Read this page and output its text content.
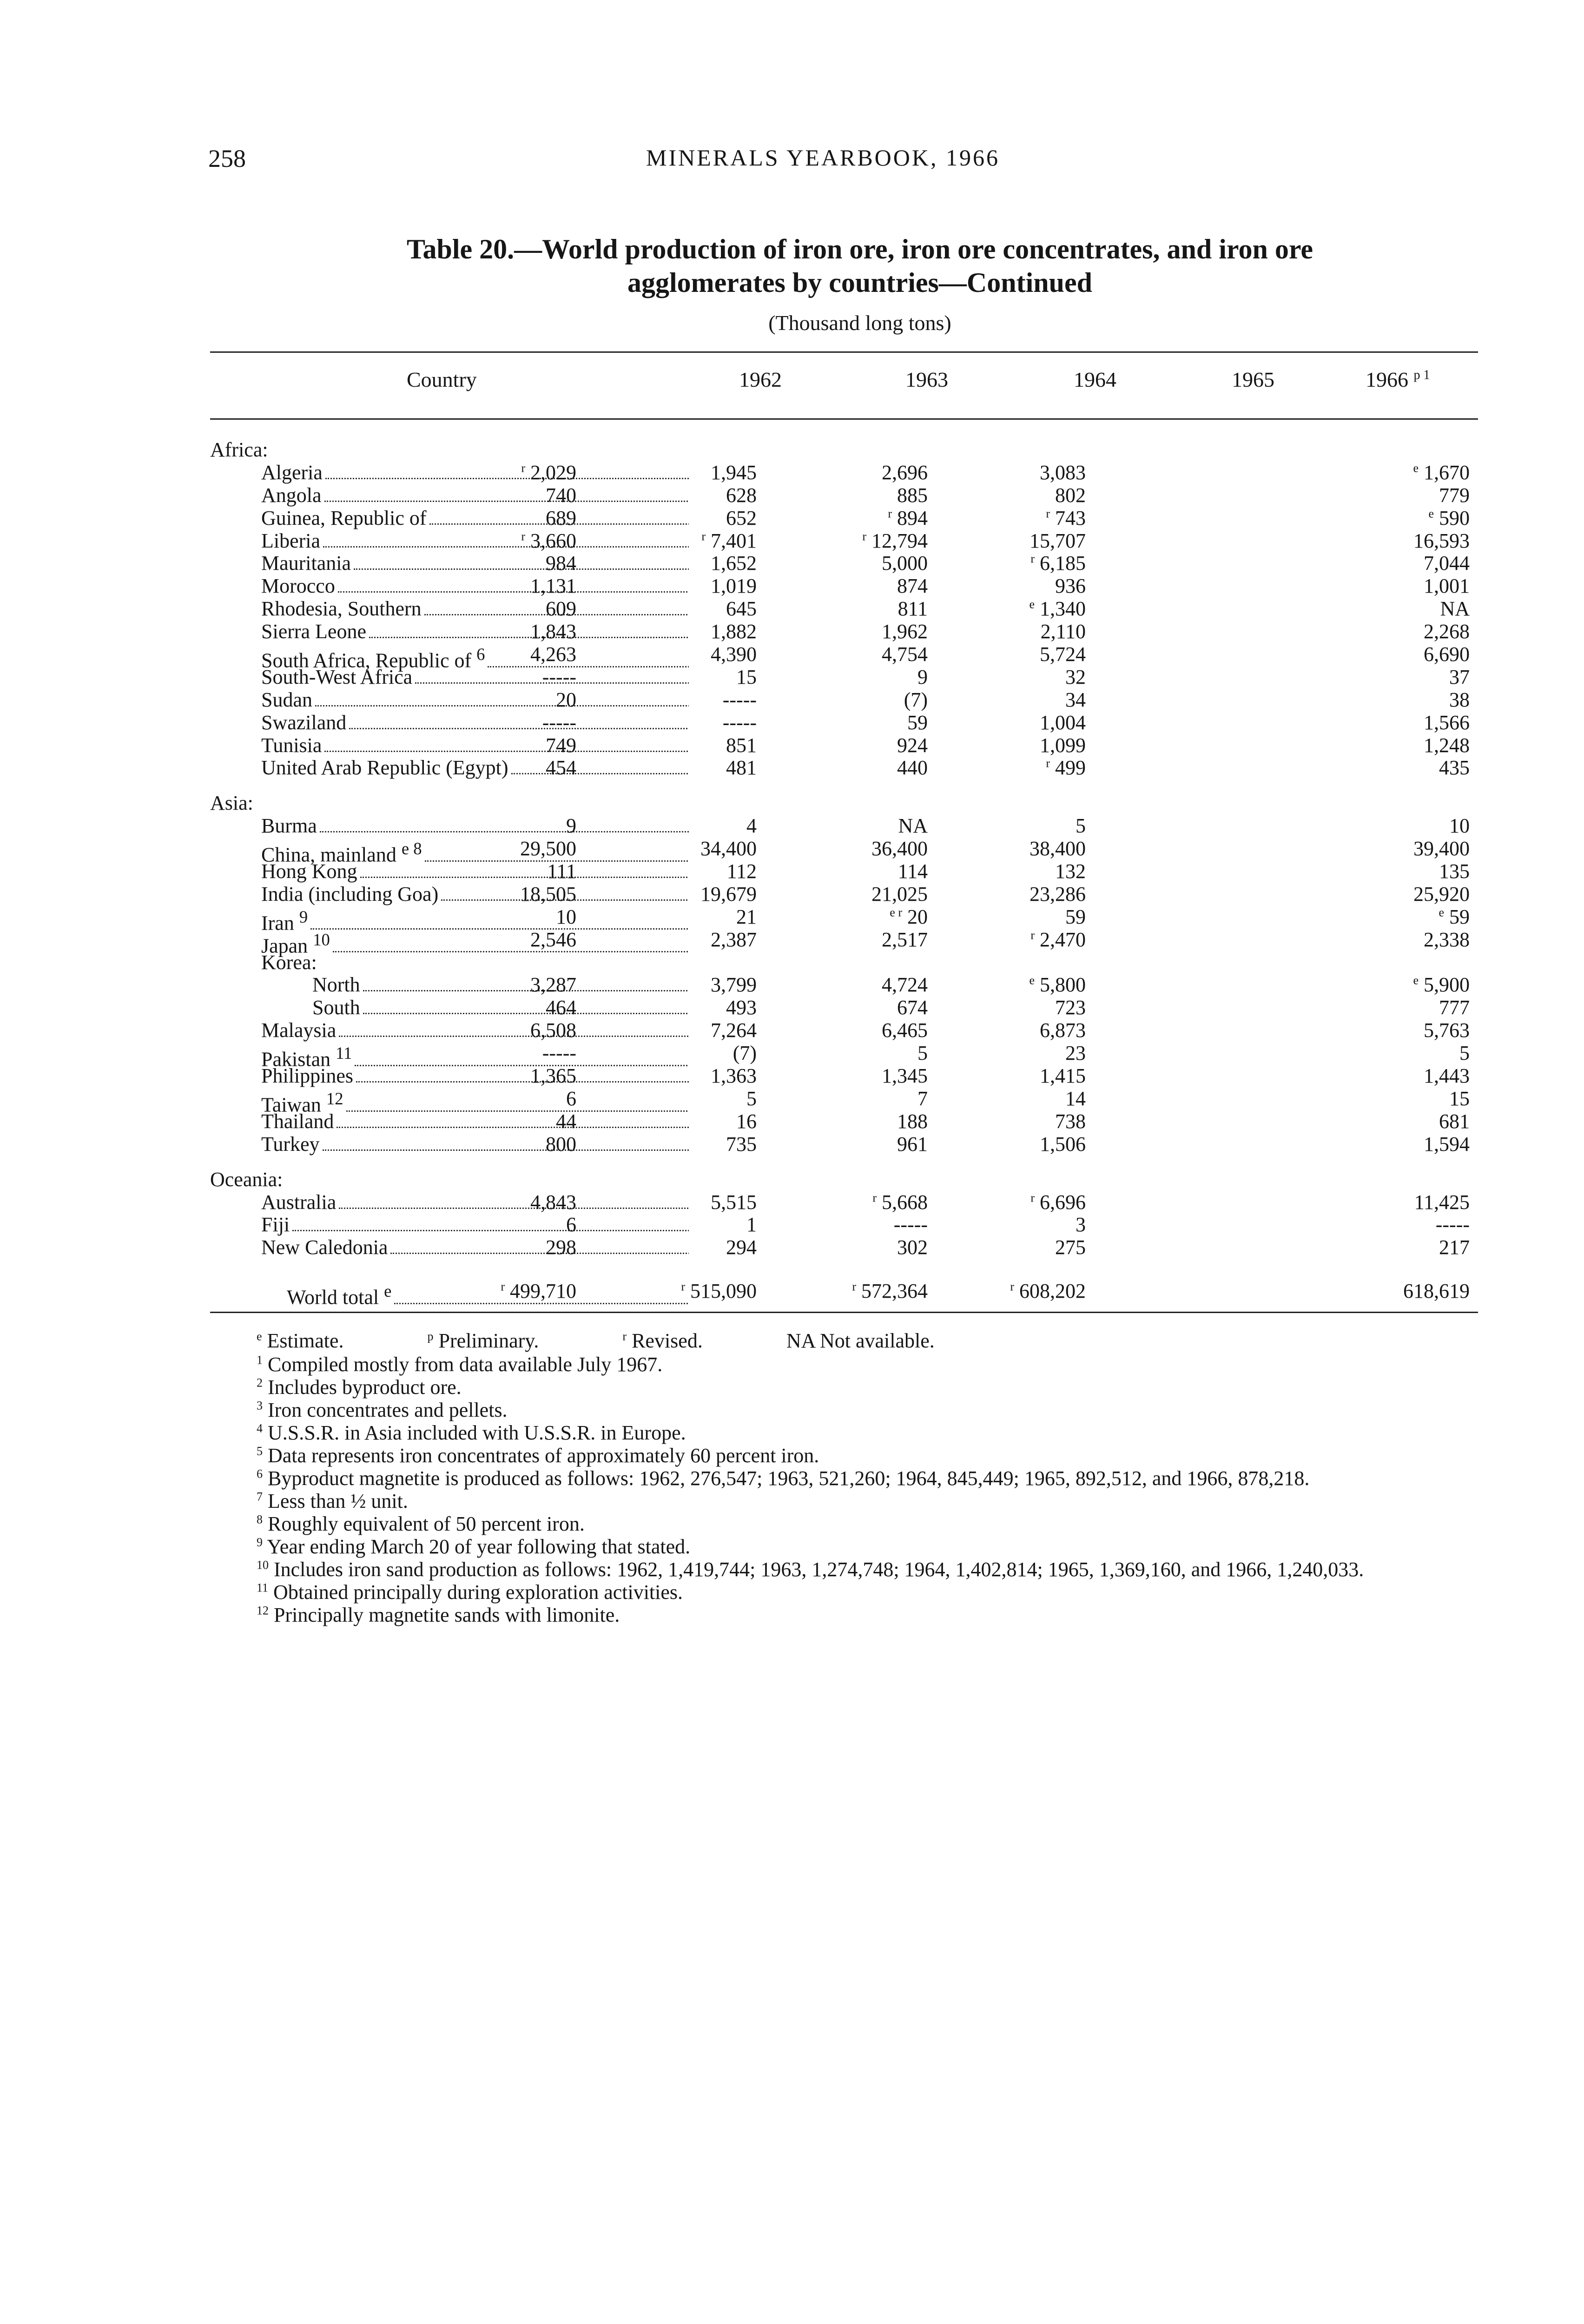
258	MINERALS YEARBOOK, 1966

Table 20.—World production of iron ore, iron ore concentrates, and iron ore

agglomerates by countries—Continued

(Thousand long tons)
Country	1962	1963	1964	1965	1966 $^{p 1}$
Africa:
Algeria	$^r$ 2,029	1,945	2,696	3,083	$^e$ 1,670
Angola	740	628	885	802	779
Guinea, Republic of	689	652	$^r$ 894	$^r$ 743	$^e$ 590
Liberia	$^r$ 3,660	$^r$ 7,401	$^r$ 12,794	15,707	16,593
Mauritania	984	1,652	5,000	$^r$ 6,185	7,044
Morocco	1,131	1,019	874	936	1,001
Rhodesia, Southern	609	645	811	$^e$ 1,340	NA
Sierra Leone	1,843	1,882	1,962	2,110	2,268
South Africa, Republic of $^6$	4,263	4,390	4,754	5,724	6,690
South-West Africa	-----	15	9	32	37
Sudan	20	-----	(7)	34	38
Swaziland	-----	-----	59	1,004	1,566
Tunisia	749	851	924	1,099	1,248
United Arab Republic (Egypt)	454	481	440	$^r$ 499	435
Asia:
Burma	9	4	NA	5	10
China, mainland $^{e 8}$	29,500	34,400	36,400	38,400	39,400
Hong Kong	111	112	114	132	135
India (including Goa)	18,505	19,679	21,025	23,286	25,920
Iran $^9$	10	21	$^{e r}$ 20	59	$^e$ 59
Japan $^{10}$	2,546	2,387	2,517	$^r$ 2,470	2,338
Korea:
North	3,287	3,799	4,724	$^e$ 5,800	$^e$ 5,900
South	464	493	674	723	777
Malaysia	6,508	7,264	6,465	6,873	5,763
Pakistan $^{11}$	-----	(7)	5	23	5
Philippines	1,365	1,363	1,345	1,415	1,443
Taiwan $^{12}$	6	5	7	14	15
Thailand	44	16	188	738	681
Turkey	800	735	961	1,506	1,594
Oceania:
Australia	4,843	5,515	$^r$ 5,668	$^r$ 6,696	11,425
Fiji	6	1	-----	3	-----
New Caledonia	298	294	302	275	217
World total $^e$	$^r$ 499,710	$^r$ 515,090	$^r$ 572,364	$^r$ 608,202	618,619
$^e$ Estimate.	$^p$ Preliminary.	$^r$ Revised.	NA Not available.
$^1$ Compiled mostly from data available July 1967.
$^2$ Includes byproduct ore.
$^3$ Iron concentrates and pellets.
$^4$ U.S.S.R. in Asia included with U.S.S.R. in Europe.
$^5$ Data represents iron concentrates of approximately 60 percent iron.
$^6$ Byproduct magnetite is produced as follows: 1962, 276,547; 1963, 521,260; 1964, 845,449; 1965, 892,512, and 1966, 878,218.
$^7$ Less than ½ unit.
$^8$ Roughly equivalent of 50 percent iron.
$^9$ Year ending March 20 of year following that stated.
$^{10}$ Includes iron sand production as follows: 1962, 1,419,744; 1963, 1,274,748; 1964, 1,402,814; 1965, 1,369,160, and 1966, 1,240,033.
$^{11}$ Obtained principally during exploration activities.
$^{12}$ Principally magnetite sands with limonite.
